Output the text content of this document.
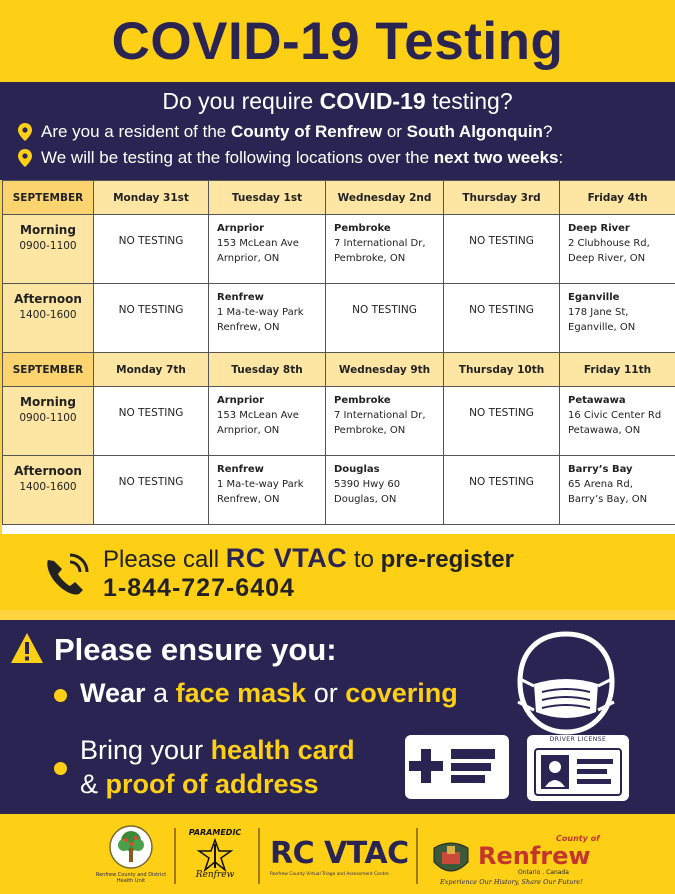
COVID-19 Testing
Do you require COVID-19 testing?
Are you a resident of the
County of Renfrew
or
South Algonquin ?
We will be testing at the following locations over the
next two weeks :
SEPTEMBER	Monday 31st	Tuesday 1st	Wednesday 2nd	Thursday 3rd	Friday 4th

Morning
0900-1100	NO TESTING	Arnprior
153 McLean Ave
Arnprior, ON	Pembroke
7 International Dr,
Pembroke, ON	NO TESTING	Deep River
2 Clubhouse Rd,
Deep River, ON

Afternoon
1400-1600	NO TESTING	Renfrew
1 Ma-te-way Park
Renfrew, ON	NO TESTING	NO TESTING	Eganville
178 Jane St,
Eganville, ON

SEPTEMBER	Monday 7th	Tuesday 8th	Wednesday 9th	Thursday 10th	Friday 11th

Morning
0900-1100	NO TESTING	Arnprior
153 McLean Ave
Arnprior, ON	Pembroke
7 International Dr,
Pembroke, ON	NO TESTING	Petawawa
16 Civic Center Rd
Petawawa, ON

Afternoon
1400-1600	NO TESTING	Renfrew
1 Ma-te-way Park
Renfrew, ON	Douglas
5390 Hwy 60
Douglas, ON	NO TESTING	Barry’s Bay
65 Arena Rd,
Barry’s Bay, ON
Please call RC VTAC to pre-register
1-844-727-6404
Please ensure you:
Wear a face mask or covering
Bring your health card
& proof of address
DRIVER LICENSE
Renfrew County and District Health Unit
PARAMEDIC
Renfrew
RC VTAC
Renfrew County Virtual Triage and Assessment Centre
County of
Renfrew
Ontario . Canada
Experience Our History, Share Our Future!
